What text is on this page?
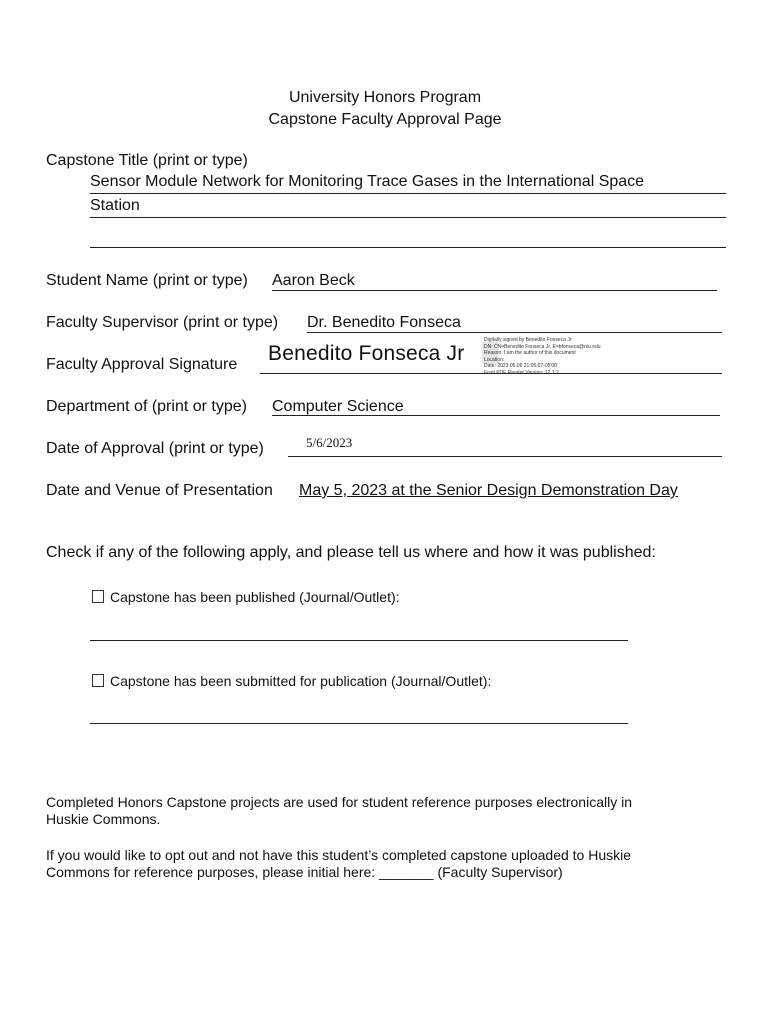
University Honors Program
Capstone Faculty Approval Page
Capstone Title (print or type)
Sensor Module Network for Monitoring Trace Gases in the International Space
Station
Student Name (print or type) Aaron Beck
Faculty Supervisor (print or type) Dr. Benedito Fonseca
Faculty Approval Signature Benedito Fonseca Jr
Digitally signed by Benedito Fonseca Jr
DN: CN=Benedito Fonseca Jr, E=bfonseca@niu.edu
Reason: I am the author of this document
Location:
Date: 2023.05.06 21:05:07-05'00'
Foxit PDF Reader Version: 12.1.2
Department of (print or type) Computer Science
Date of Approval (print or type)	5/6/2023
Date and Venue of Presentation May 5, 2023 at the Senior Design Demonstration Day
Check if any of the following apply, and please tell us where and how it was published:
Capstone has been published (Journal/Outlet):
Capstone has been submitted for publication (Journal/Outlet):
Completed Honors Capstone projects are used for student reference purposes electronically in
Huskie Commons.
If you would like to opt out and not have this student’s completed capstone uploaded to Huskie
Commons for reference purposes, please initial here: _______ (Faculty Supervisor)
